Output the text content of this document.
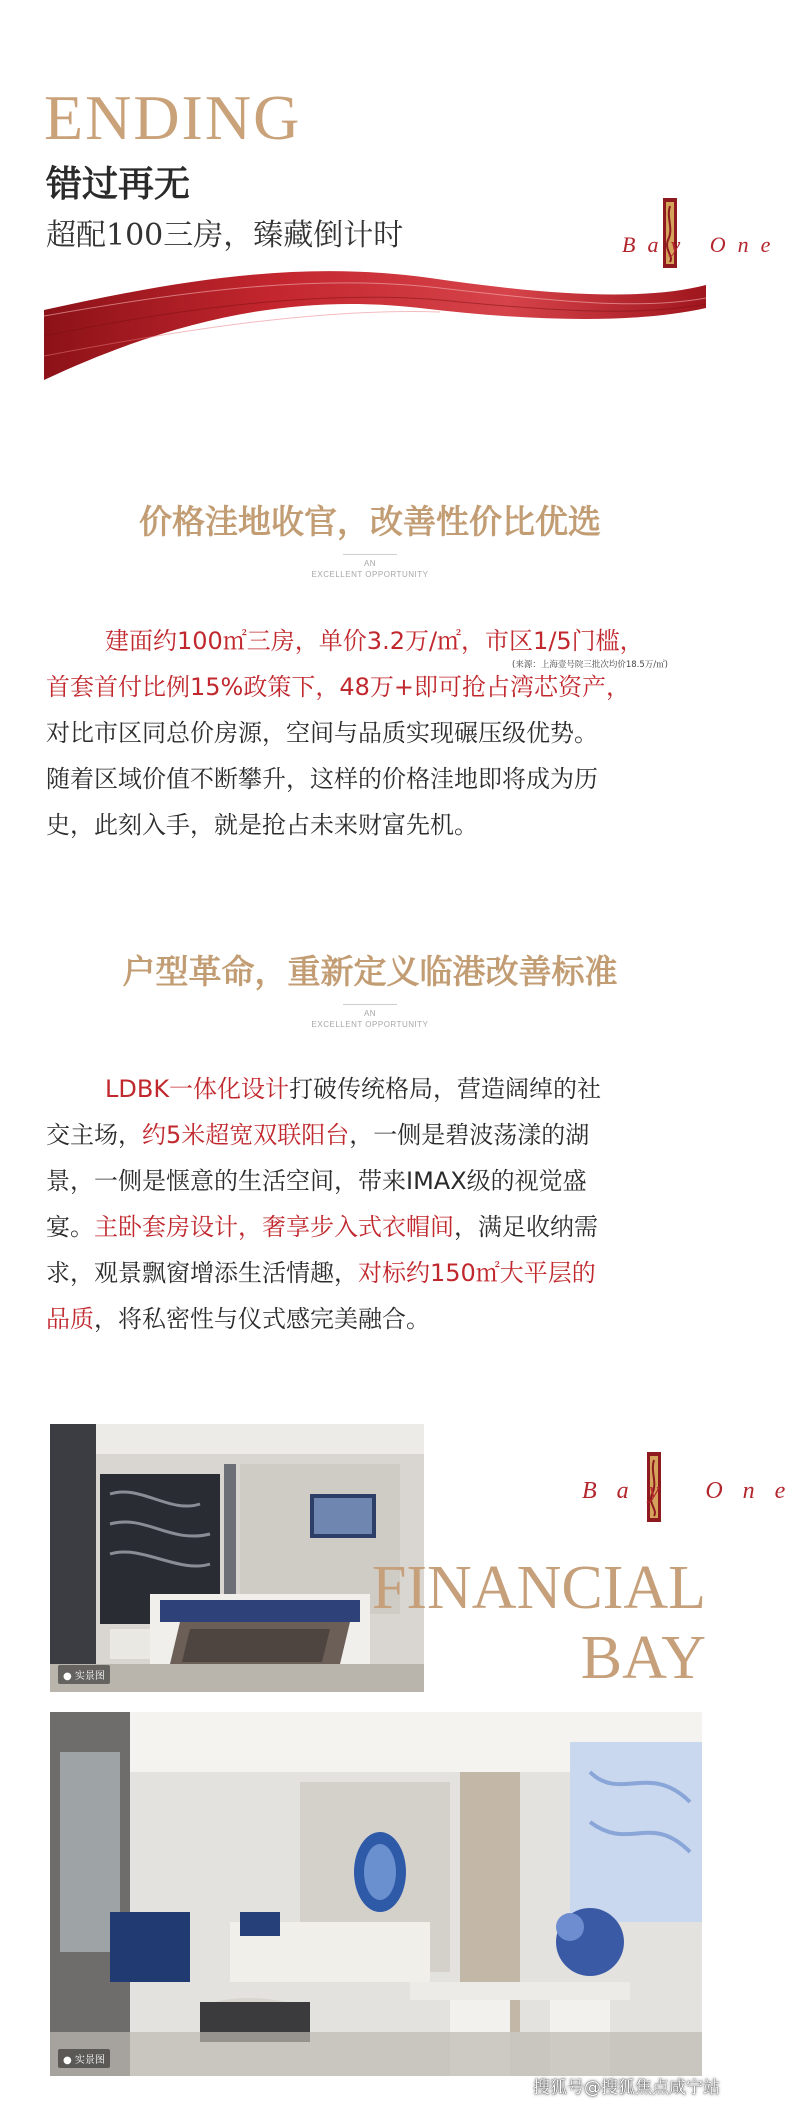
ENDING
错过再无
超配100三房，臻藏倒计时	Bay One
价格洼地收官，改善性价比优选
AN
EXCELLENT OPPORTUNITY
建面约100㎡三房，单价3.2万/㎡，市区1/5门槛，
首套首付比例15%政策下，48万+即可抢占湾芯资产，
对比市区同总价房源，空间与品质实现碾压级优势。
随着区域价值不断攀升，这样的价格洼地即将成为历
史，此刻入手，就是抢占未来财富先机。
(来源：上海壹号院三批次均价18.5万/㎡)
户型革命，重新定义临港改善标准
AN
EXCELLENT OPPORTUNITY
LDBK一体化设计打破传统格局，营造阔绰的社
交主场，约5米超宽双联阳台，一侧是碧波荡漾的湖
景，一侧是惬意的生活空间，带来IMAX级的视觉盛
宴。主卧套房设计，奢享步入式衣帽间，满足收纳需
求，观景飘窗增添生活情趣，对标约150㎡大平层的
品质，将私密性与仪式感完美融合。
● 实景图
Bay One
FINANCIAL
BAY
● 实景图
搜狐号@搜狐焦点咸宁站
